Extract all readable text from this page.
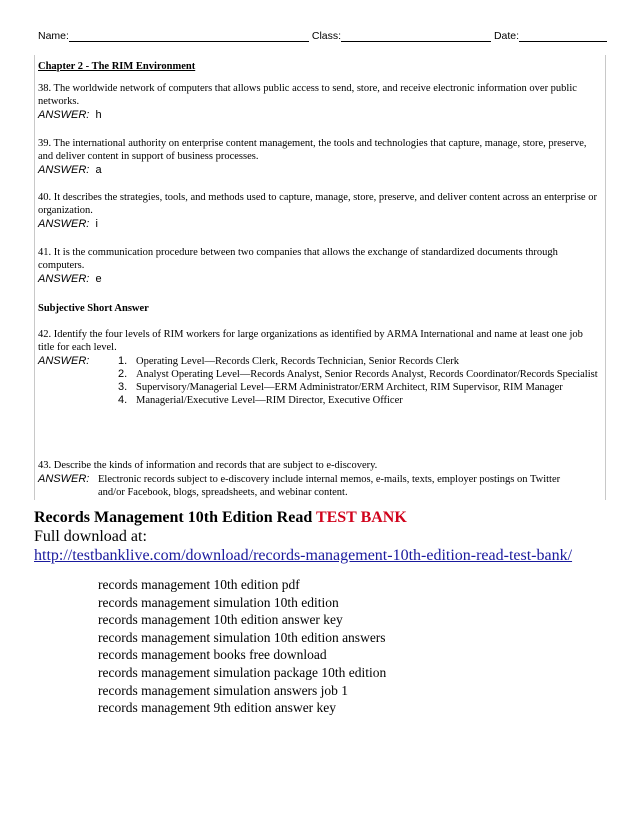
Name:	Class:	Date:
Chapter 2 - The RIM Environment
38. The worldwide network of computers that allows public access to send, store, and receive electronic information over public networks.
ANSWER: h
39. The international authority on enterprise content management, the tools and technologies that capture, manage, store, preserve, and deliver content in support of business processes.
ANSWER: a
40. It describes the strategies, tools, and methods used to capture, manage, store, preserve, and deliver content across an enterprise or organization.
ANSWER: i
41. It is the communication procedure between two companies that allows the exchange of standardized documents through computers.
ANSWER: e
Subjective Short Answer
42. Identify the four levels of RIM workers for large organizations as identified by ARMA International and name at least one job title for each level.
ANSWER:	1. Operating Level—Records Clerk, Records Technician, Senior Records Clerk
2. Analyst Operating Level—Records Analyst, Senior Records Analyst, Records Coordinator/Records Specialist
3. Supervisory/Managerial Level—ERM Administrator/ERM Architect, RIM Supervisor, RIM Manager
4. Managerial/Executive Level—RIM Director, Executive Officer
43. Describe the kinds of information and records that are subject to e-discovery.
ANSWER: Electronic records subject to e-discovery include internal memos, e-mails, texts, employer postings on Twitter and/or Facebook, blogs, spreadsheets, and webinar content.
Records Management 10th Edition Read TEST BANK
Full download at:
http://testbanklive.com/download/records-management-10th-edition-read-test-bank/
records management 10th edition pdf
records management simulation 10th edition
records management 10th edition answer key
records management simulation 10th edition answers
records management books free download
records management simulation package 10th edition
records management simulation answers job 1
records management 9th edition answer key
